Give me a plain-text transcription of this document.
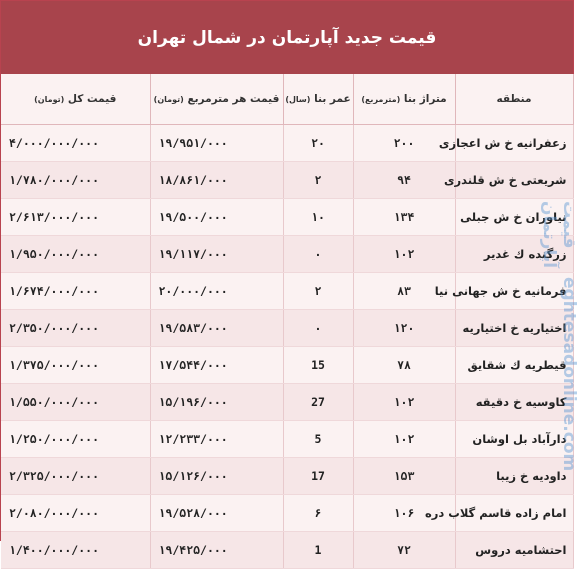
قیمت جدید آپارتمان در شمال تهران
منطقه	متراژ بنا (مترمربع)	عمر بنا (سال)	قیمت هر مترمربع (تومان)	قیمت کل (تومان)
زعفرانیه خ ش اعجازی	۲۰۰	۲۰	۱۹/۹۵۱/۰۰۰	۴/۰۰۰/۰۰۰/۰۰۰
شریعتی خ ش قلندری	۹۴	۲	۱۸/۸۶۱/۰۰۰	۱/۷۸۰/۰۰۰/۰۰۰
نیاوران خ ش جبلی	۱۳۴	۱۰	۱۹/۵۰۰/۰۰۰	۲/۶۱۳/۰۰۰/۰۰۰
زرگنده ك غدیر	۱۰۲	۰	۱۹/۱۱۷/۰۰۰	۱/۹۵۰/۰۰۰/۰۰۰
فرمانیه خ ش جهانی نیا	۸۳	۲	۲۰/۰۰۰/۰۰۰	۱/۶۷۴/۰۰۰/۰۰۰
اختیاریه خ اختیاریه	۱۲۰	۰	۱۹/۵۸۳/۰۰۰	۲/۳۵۰/۰۰۰/۰۰۰
قیطریه ك شقایق	۷۸	15	۱۷/۵۴۴/۰۰۰	۱/۳۷۵/۰۰۰/۰۰۰
کاوسیه خ دقیقه	۱۰۲	27	۱۵/۱۹۶/۰۰۰	۱/۵۵۰/۰۰۰/۰۰۰
دارآباد بل اوشان	۱۰۲	5	۱۲/۲۳۳/۰۰۰	۱/۲۵۰/۰۰۰/۰۰۰
داودیه خ زیبا	۱۵۳	17	۱۵/۱۲۶/۰۰۰	۲/۳۲۵/۰۰۰/۰۰۰
امام زاده قاسم گلاب دره	۱۰۶	۶	۱۹/۵۲۸/۰۰۰	۲/۰۸۰/۰۰۰/۰۰۰
احتشامیه دروس	۷۲	1	۱۹/۴۲۵/۰۰۰	۱/۴۰۰/۰۰۰/۰۰۰
قیمت آپارتمان
eghtesadonline.com
